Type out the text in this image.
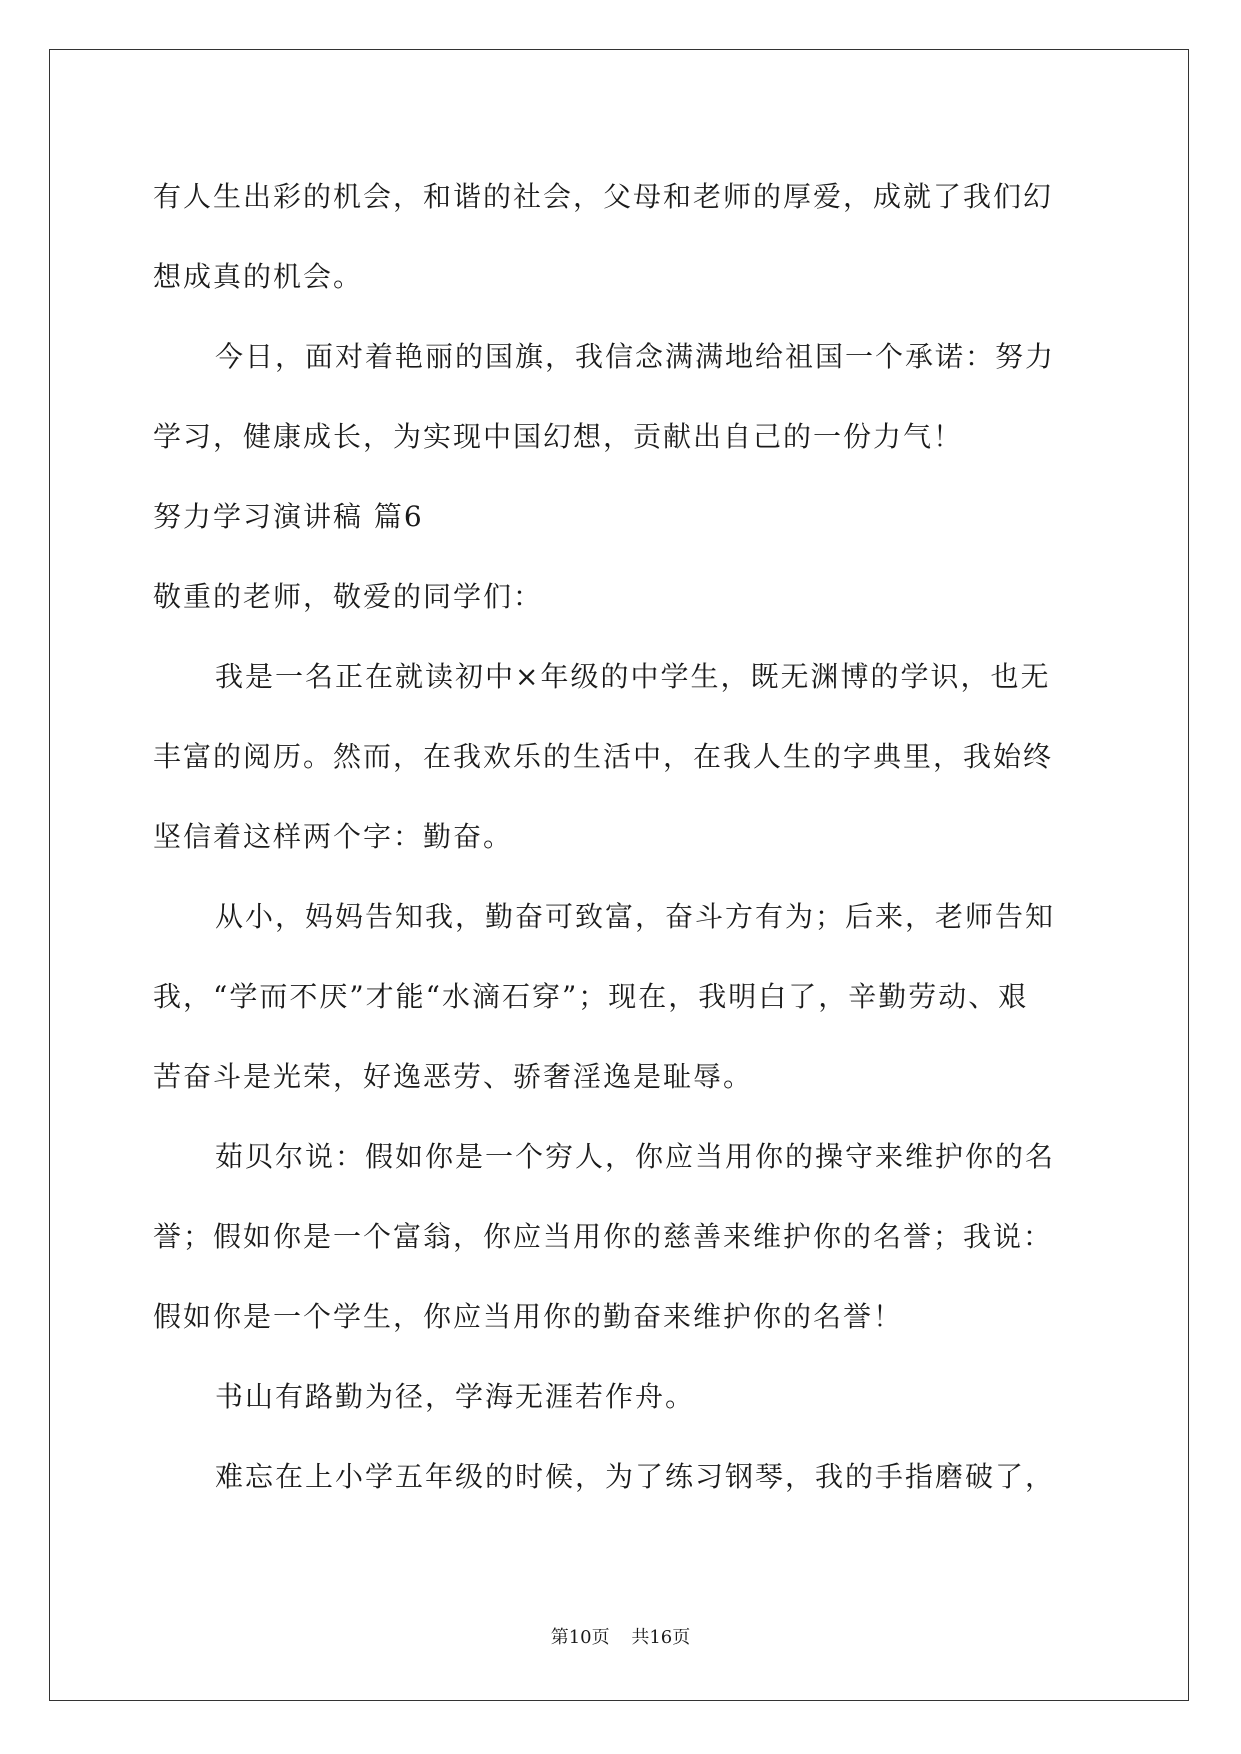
有人生出彩的机会，和谐的社会，父母和老师的厚爱，成就了我们幻
想成真的机会。
今日，面对着艳丽的国旗，我信念满满地给祖国一个承诺：努力
学习，健康成长，为实现中国幻想，贡献出自己的一份力气！
努力学习演讲稿 篇6
敬重的老师，敬爱的同学们：
我是一名正在就读初中×年级的中学生，既无渊博的学识，也无
丰富的阅历。然而，在我欢乐的生活中，在我人生的字典里，我始终
坚信着这样两个字：勤奋。
从小，妈妈告知我，勤奋可致富，奋斗方有为；后来，老师告知
我，“学而不厌”才能“水滴石穿”；现在，我明白了，辛勤劳动、艰
苦奋斗是光荣，好逸恶劳、骄奢淫逸是耻辱。
茹贝尔说：假如你是一个穷人，你应当用你的操守来维护你的名
誉；假如你是一个富翁，你应当用你的慈善来维护你的名誉；我说：
假如你是一个学生，你应当用你的勤奋来维护你的名誉！
书山有路勤为径，学海无涯若作舟。
难忘在上小学五年级的时候，为了练习钢琴，我的手指磨破了，
第10页 共16页
